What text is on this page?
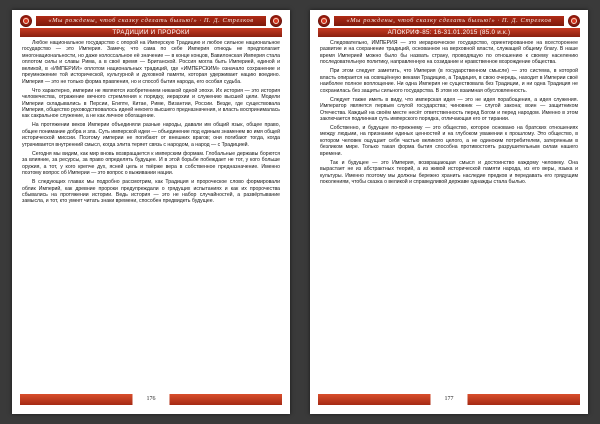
«Мы рождены, чтоб сказку сделать былью!» · П. Д. Стрелков
ТРАДИЦИИ И ПРОРОКИ

Любое национальное государство с опорой на Имперскую Традицию и любое сильное национальное государство — это Империя. Замечу, что сама по себе Империя отнюдь не предполагает многонациональности, но даже колоссальное её значение — в конце концов, Вавилонская Империя стала оплотом силы и славы Рима, а в своё время — Британской. Россия могла быть Империей, единой и великой, в «ИМПЕРИИ» оплотом национальных традиций, где «ИМПЕРСКИМ» означало сохранение и преумножение той исторической, культурной и духовной памяти, которая удерживает нацию воедино. Империя — это не только форма правления, но и способ бытия народа, его особая судьба.

Что характерно, империи не являются изобретением никакой одной эпохи. Их история — это история человечества, отражение вечного стремления к порядку, иерархии и служению высшей цели. Модели Империи складывались в Персии, Египте, Китае, Риме, Византии, России. Везде, где существовала Империя, общество руководствовалось идеей некоего высшего предназначения, и власть воспринималась как сакральное служение, а не как личное обогащение.

На протяжении веков Империи объединяли разные народы, давали им общий язык, общее право, общее понимание добра и зла. Суть имперской идеи — объединение под единым знаменем во имя общей исторической миссии. Поэтому империи не погибают от внешних врагов; они погибают тогда, когда утрачивается внутренний смысл, когда элита теряет связь с народом, а народ — с Традицией.

Сегодня мы видим, как мир вновь возвращается к имперским формам. Глобальные державы борются за влияние, за ресурсы, за право определять будущее. И в этой борьбе побеждает не тот, у кого больше оружия, а тот, у кого крепче дух, ясней цель и твёрже вера в собственное предназначение. Именно поэтому вопрос об Империи — это вопрос о выживании нации.

В следующих главах мы подробно рассмотрим, как Традиция и пророческое слово формировали облик Империй, как древние пророки предупреждали о грядущих испытаниях и как их пророчества сбывались на протяжении истории. Ведь история — это не набор случайностей, а развёртывание замысла, и тот, кто умеет читать знаки времени, способен предвидеть будущее.

176
«Мы рождены, чтоб сказку сделать былью!» · П. Д. Стрелков
АПОКРИФ-85: 16-31.01.2015 (85.0 и.к.)

Следовательно, ИМПЕРИЯ — это иерархическое государство, ориентированное на всестороннее развитие и на сохранение традиций, основанное на верховной власти, служащей общему благу. В наше время Империей можно было бы назвать страну, проводящую по отношению к своему населению последовательную политику, направленную на созидание и нравственное возрождение общества.

При этом следует заметить, что Империя (в государственном смысле) — это система, в которой власть опирается на освящённую веками Традицию, а Традиция, в свою очередь, находит в Империи своё наиболее полное воплощение. Ни одна Империя не существовала без Традиции, и ни одна Традиция не сохранилась без защиты сильного государства. В этом их взаимная обусловленность.

Следует также иметь в виду, что имперская идея — это не идея порабощения, а идея служения. Император является первым слугой государства; чиновник — слугой закона; воин — защитником Отечества. Каждый на своём месте несёт ответственность перед Богом и перед народом. Именно в этом заключается подлинная суть имперского порядка, отличающая его от тирании.

Собственно, и будущее по-прежнему — это общество, которое основано на братских отношениях между людьми, на признании единых ценностей и на глубоком уважении к прошлому. Это общество, в котором человек ощущает себя частью великого целого, а не одиноким потребителем, затерянным в безликом мире. Только такая форма бытия способна противостоять разрушительным силам нашего времени.

Так и будущее — это Империя, возвращающая смысл и достоинство каждому человеку. Она вырастает не из абстрактных теорий, а из живой исторической памяти народа, из его веры, языка и культуры. Именно поэтому мы должны бережно хранить наследие предков и передавать его грядущим поколениям, чтобы сказка о великой и справедливой державе однажды стала былью.

177
